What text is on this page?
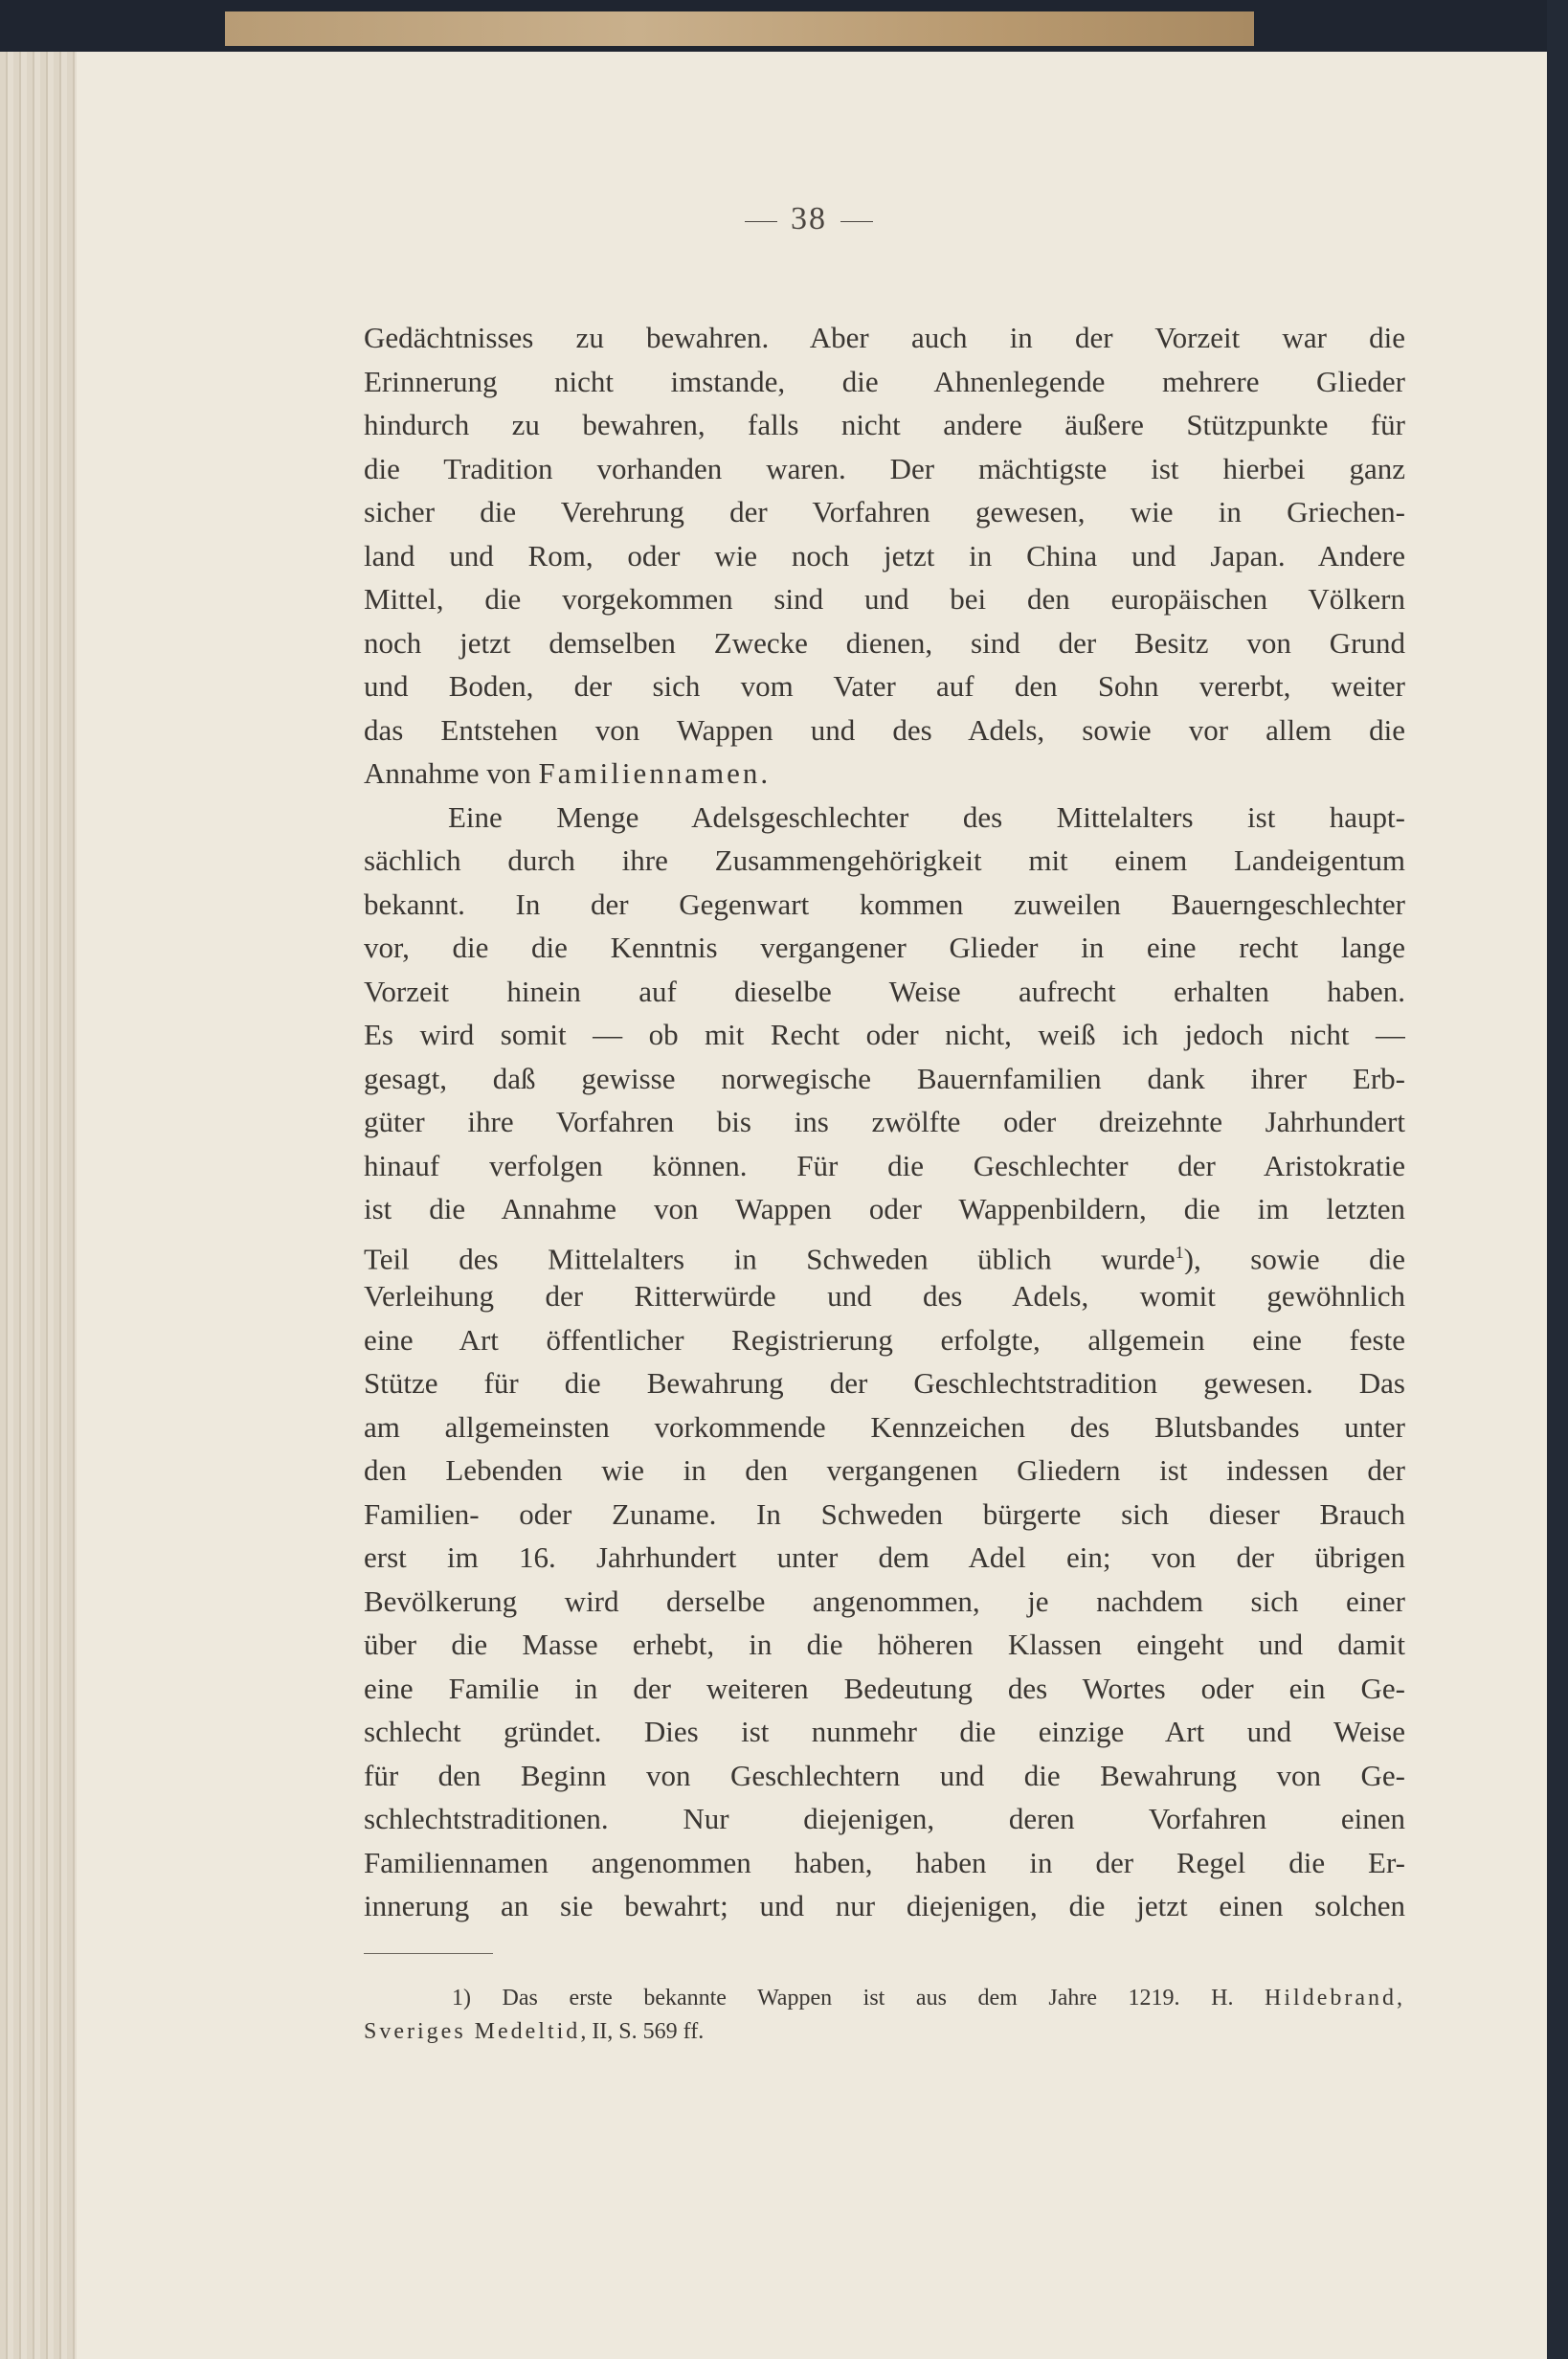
38
Gedächtnisses zu bewahren. Aber auch in der Vorzeit war die
Erinnerung nicht imstande, die Ahnenlegende mehrere Glieder
hindurch zu bewahren, falls nicht andere äußere Stützpunkte für
die Tradition vorhanden waren. Der mächtigste ist hierbei ganz
sicher die Verehrung der Vorfahren gewesen, wie in Griechen-
land und Rom, oder wie noch jetzt in China und Japan. Andere
Mittel, die vorgekommen sind und bei den europäischen Völkern
noch jetzt demselben Zwecke dienen, sind der Besitz von Grund
und Boden, der sich vom Vater auf den Sohn vererbt, weiter
das Entstehen von Wappen und des Adels, sowie vor allem die
Annahme von Familiennamen.
Eine Menge Adelsgeschlechter des Mittelalters ist haupt-
sächlich durch ihre Zusammengehörigkeit mit einem Landeigentum
bekannt. In der Gegenwart kommen zuweilen Bauerngeschlechter
vor, die die Kenntnis vergangener Glieder in eine recht lange
Vorzeit hinein auf dieselbe Weise aufrecht erhalten haben.
Es wird somit — ob mit Recht oder nicht, weiß ich jedoch nicht —
gesagt, daß gewisse norwegische Bauernfamilien dank ihrer Erb-
güter ihre Vorfahren bis ins zwölfte oder dreizehnte Jahrhundert
hinauf verfolgen können. Für die Geschlechter der Aristokratie
ist die Annahme von Wappen oder Wappenbildern, die im letzten
Teil des Mittelalters in Schweden üblich wurde$^1$), sowie die
Verleihung der Ritterwürde und des Adels, womit gewöhnlich
eine Art öffentlicher Registrierung erfolgte, allgemein eine feste
Stütze für die Bewahrung der Geschlechtstradition gewesen. Das
am allgemeinsten vorkommende Kennzeichen des Blutsbandes unter
den Lebenden wie in den vergangenen Gliedern ist indessen der
Familien- oder Zuname. In Schweden bürgerte sich dieser Brauch
erst im 16. Jahrhundert unter dem Adel ein; von der übrigen
Bevölkerung wird derselbe angenommen, je nachdem sich einer
über die Masse erhebt, in die höheren Klassen eingeht und damit
eine Familie in der weiteren Bedeutung des Wortes oder ein Ge-
schlecht gründet. Dies ist nunmehr die einzige Art und Weise
für den Beginn von Geschlechtern und die Bewahrung von Ge-
schlechtstraditionen. Nur diejenigen, deren Vorfahren einen
Familiennamen angenommen haben, haben in der Regel die Er-
innerung an sie bewahrt; und nur diejenigen, die jetzt einen solchen
1) Das erste bekannte Wappen ist aus dem Jahre 1219. H. Hildebrand,
Sveriges Medeltid, II, S. 569 ff.
